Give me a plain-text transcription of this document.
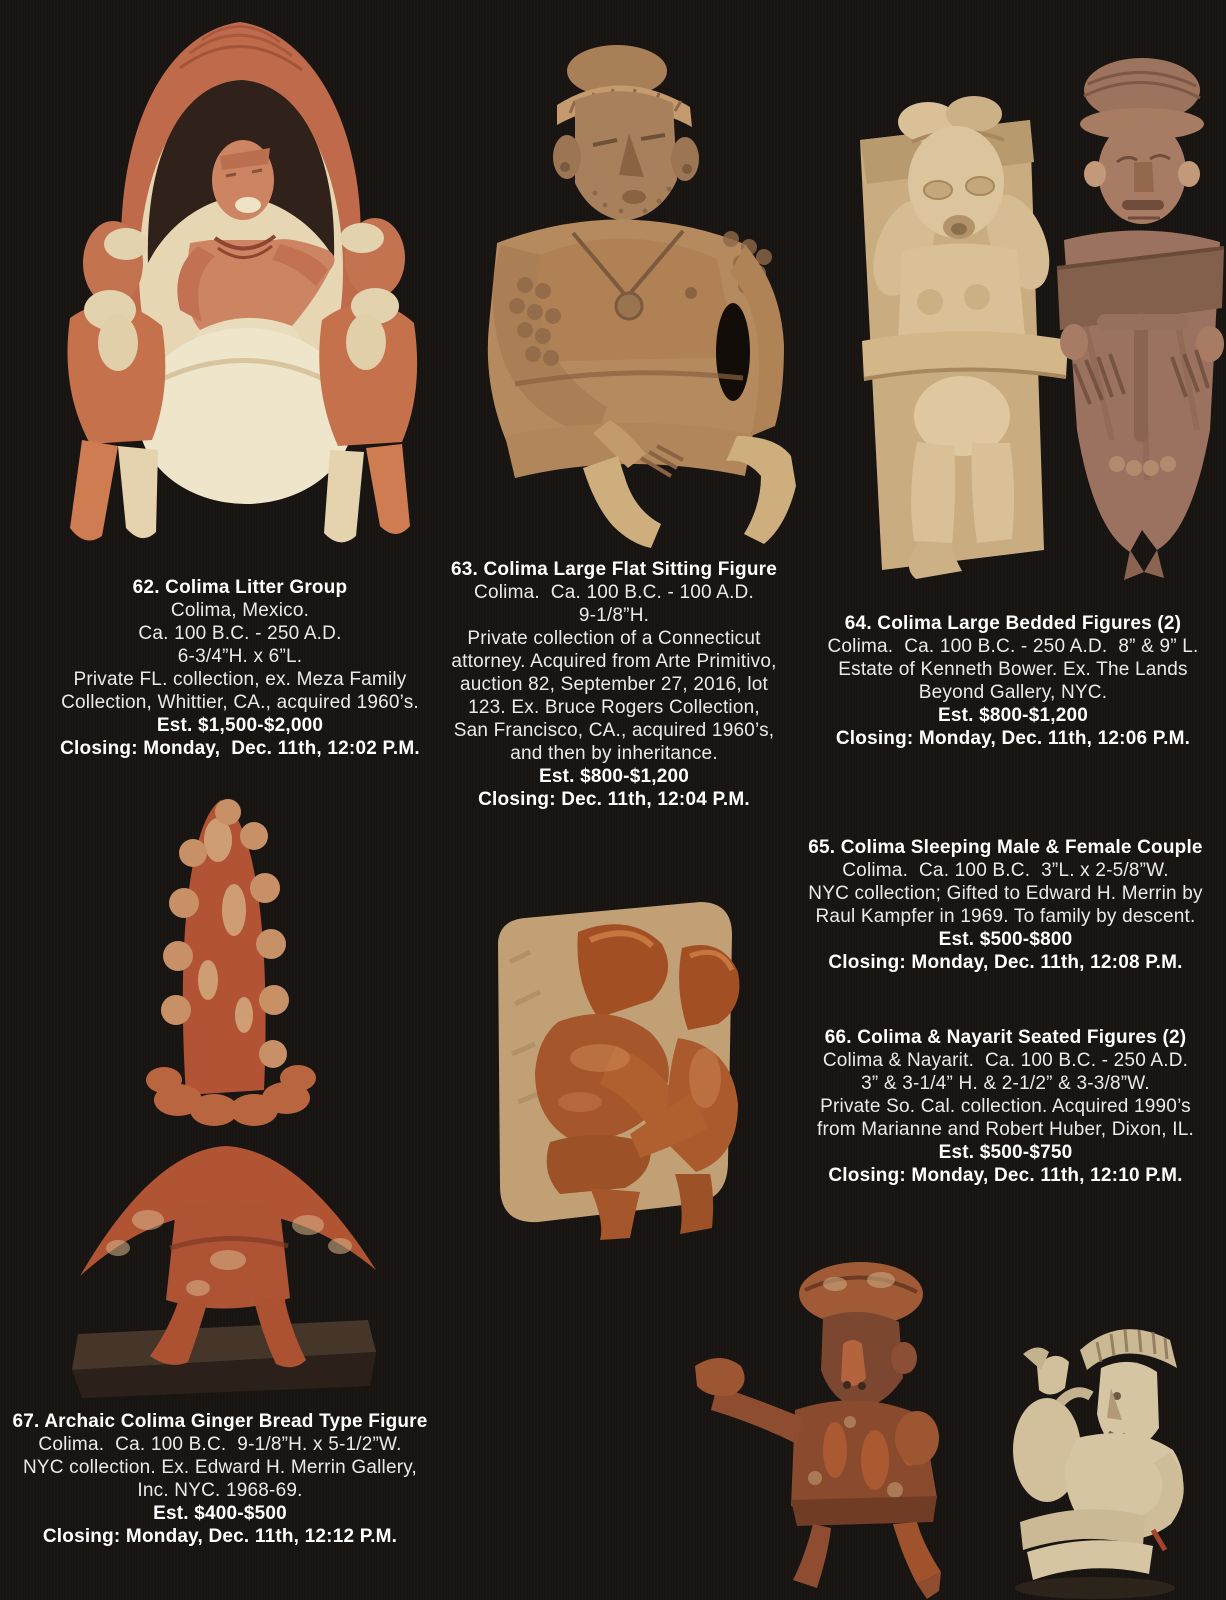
62. Colima Litter Group
Colima, Mexico.
Ca. 100 B.C. - 250 A.D.
6-3/4”H. x 6”L.
Private FL. collection, ex. Meza Family
Collection, Whittier, CA., acquired 1960’s.
Est. $1,500-$2,000
Closing: Monday,  Dec. 11th, 12:02 P.M.
63. Colima Large Flat Sitting Figure
Colima.  Ca. 100 B.C. - 100 A.D.
9-1/8”H.
Private collection of a Connecticut
attorney. Acquired from Arte Primitivo,
auction 82, September 27, 2016, lot
123. Ex. Bruce Rogers Collection,
San Francisco, CA., acquired 1960’s,
and then by inheritance.
Est. $800-$1,200
Closing: Dec. 11th, 12:04 P.M.
64. Colima Large Bedded Figures (2)
Colima.  Ca. 100 B.C. - 250 A.D.  8” & 9” L.
Estate of Kenneth Bower. Ex. The Lands
Beyond Gallery, NYC.
Est. $800-$1,200
Closing: Monday, Dec. 11th, 12:06 P.M.
65. Colima Sleeping Male & Female Couple
Colima.  Ca. 100 B.C.  3”L. x 2-5/8”W.
NYC collection; Gifted to Edward H. Merrin by
Raul Kampfer in 1969. To family by descent.
Est. $500-$800
Closing: Monday, Dec. 11th, 12:08 P.M.
66. Colima & Nayarit Seated Figures (2)
Colima & Nayarit.  Ca. 100 B.C. - 250 A.D.
3” & 3-1/4” H. & 2-1/2” & 3-3/8”W.
Private So. Cal. collection. Acquired 1990’s
from Marianne and Robert Huber, Dixon, IL.
Est. $500-$750
Closing: Monday, Dec. 11th, 12:10 P.M.
67. Archaic Colima Ginger Bread Type Figure
Colima.  Ca. 100 B.C.  9-1/8”H. x 5-1/2”W.
NYC collection. Ex. Edward H. Merrin Gallery,
Inc. NYC. 1968-69.
Est. $400-$500
Closing: Monday, Dec. 11th, 12:12 P.M.
